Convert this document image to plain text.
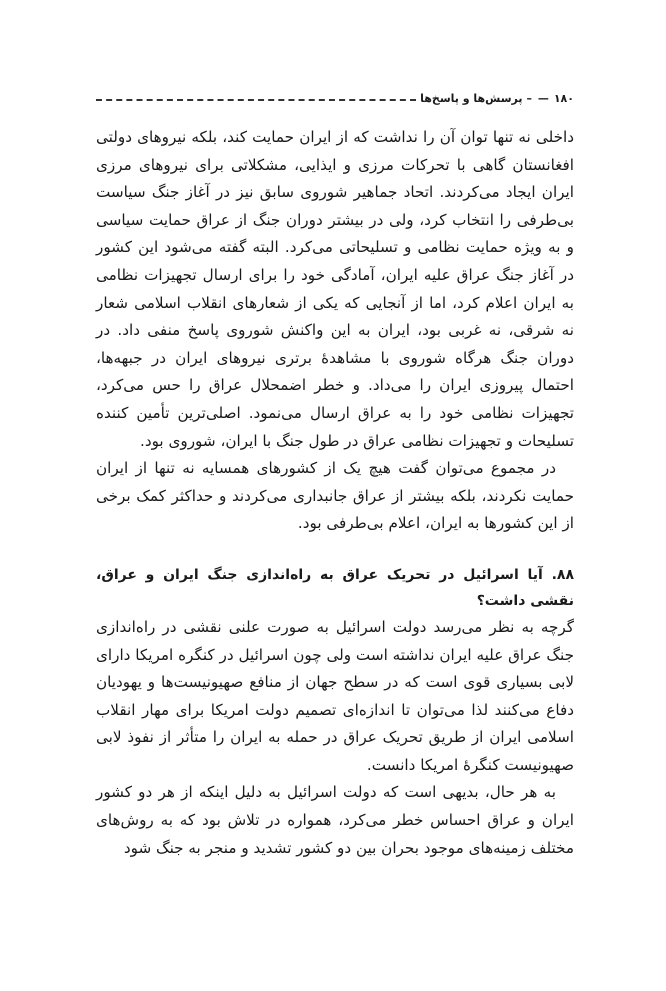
۱۸۰
— –
پرسش‌ها و پاسخ‌ها

داخلی نه تنها توان آن را نداشت که از ایران حمایت کند، بلکه نیروهای دولتی افغانستان گاهی با تحرکات مرزی و ایذایی، مشکلاتی برای نیروهای مرزی ایران ایجاد می‌کردند. اتحاد جماهیر شوروی سابق نیز در آغاز جنگ سیاست بی‌طرفی را انتخاب کرد، ولی در بیشتر دوران جنگ از عراق حمایت سیاسی و به ویژه حمایت نظامی و تسلیحاتی می‌کرد. البته گفته می‌شود این کشور در آغاز جنگ عراق علیه ایران، آمادگی خود را برای ارسال تجهیزات نظامی به ایران اعلام کرد، اما از آنجایی که یکی از شعارهای انقلاب اسلامی شعار نه شرقی، نه غربی بود، ایران به این واکنش شوروی پاسخ منفی داد. در دوران جنگ هرگاه شوروی با مشاهدهٔ برتری نیروهای ایران در جبهه‌ها، احتمال پیروزی ایران را می‌داد. و خطر اضمحلال عراق را حس می‌کرد، تجهیزات نظامی خود را به عراق ارسال می‌نمود. اصلی‌ترین تأمین کننده تسلیحات و تجهیزات نظامی عراق در طول جنگ با ایران، شوروی بود.

در مجموع می‌توان گفت هیچ یک از کشورهای همسایه نه تنها از ایران حمایت نکردند، بلکه بیشتر از عراق جانبداری می‌کردند و حداکثر کمک برخی از این کشورها به ایران، اعلام بی‌طرفی بود.

۸۸. آیا اسرائیل در تحریک عراق به راه‌اندازی جنگ ایران و عراق، نقشی داشت؟

گرچه به نظر می‌رسد دولت اسرائیل به صورت علنی نقشی در راه‌اندازی جنگ عراق علیه ایران نداشته است ولی چون اسرائیل در کنگره امریکا دارای لابی بسیاری قوی است که در سطح جهان از منافع صهیونیست‌ها و یهودیان دفاع می‌کنند لذا می‌توان تا اندازه‌ای تصمیم دولت امریکا برای مهار انقلاب اسلامی ایران از طریق تحریک عراق در حمله به ایران را متأثر از نفوذ لابی صهیونیست کنگرهٔ امریکا دانست.

به هر حال، بدیهی است که دولت اسرائیل به دلیل اینکه از هر دو کشور ایران و عراق احساس خطر می‌کرد، همواره در تلاش بود که به روش‌های مختلف زمینه‌های موجود بحران بین دو کشور تشدید و منجر به جنگ شود
